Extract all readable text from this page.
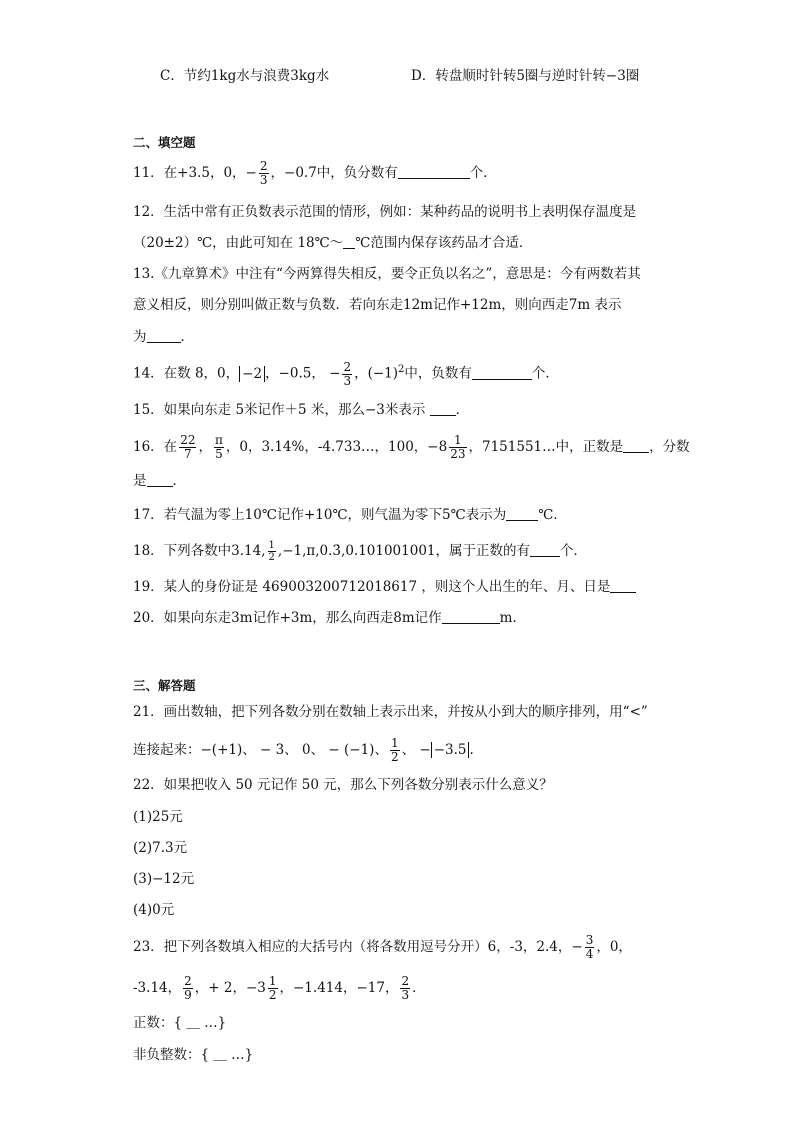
C．节约1kg水与浪费3kg水	D．转盘顺时针转5圈与逆时针转−3圈
二、填空题
11．在+3.5，0，− $\frac{2}{3}$ ，−0.7中，负分数有	个．
12．生活中常有正负数表示范围的情形，例如：某种药品的说明书上表明保存温度是
（20±2）℃，由此可知在 18℃～ ℃范围内保存该药品才合适．
13.《九章算术》中注有“今两算得失相反，要令正负以名之”，意思是：今有两数若其
意义相反，则分别叫做正数与负数．若向东走12m记作+12m，则向西走7m 表示
为	．
14．在数 8，0， −2 ，−0.5， − $\frac{2}{3}$ ，$(-1)^2$中，负数有	个．
15．如果向东走 5米记作＋5 米，那么−3米表示 ．
16．在 $\frac{22}{7}$ ， $\frac{\pi}{5}$ ，0，3.14%，-4.733…，100，$-8 \frac{1}{23}$ ，7151551…中，正数是 ，分数
是 ．
17．若气温为零上10℃记作+10℃，则气温为零下5℃表示为 ℃．
18．下列各数中3.14, $\frac{1}{2}$ ,−1,π,0.3̇,0.101001001，属于正数的有 个．
19．某人的身份证是 469003200712018617 ，则这个人出生的年、月、日是
20．如果向东走3m记作+3m，那么向西走8m记作	m．
三、解答题
21．画出数轴，把下列各数分别在数轴上表示出来，并按从小到大的顺序排列，用“<”
连接起来：−(+1)、 − 3、 0、 − (−1)、 $\frac{1}{2}$ 、 − −3.5 .
22．如果把收入 50 元记作 50 元，那么下列各数分别表示什么意义？
(1)25元
(2)7.3元
(3)−12元
(4)0元
23．把下列各数填入相应的大括号内（将各数用逗号分开）6，-3，2.4，− $\frac{3}{4}$ ，0，
-3.14， $\frac{2}{9}$ ，+ 2，$-3 \frac{1}{2}$ ，−1.414，−17， $\frac{2}{3}$ ．
正数：{ ＿ …}
非负整数：{ ＿ …}
